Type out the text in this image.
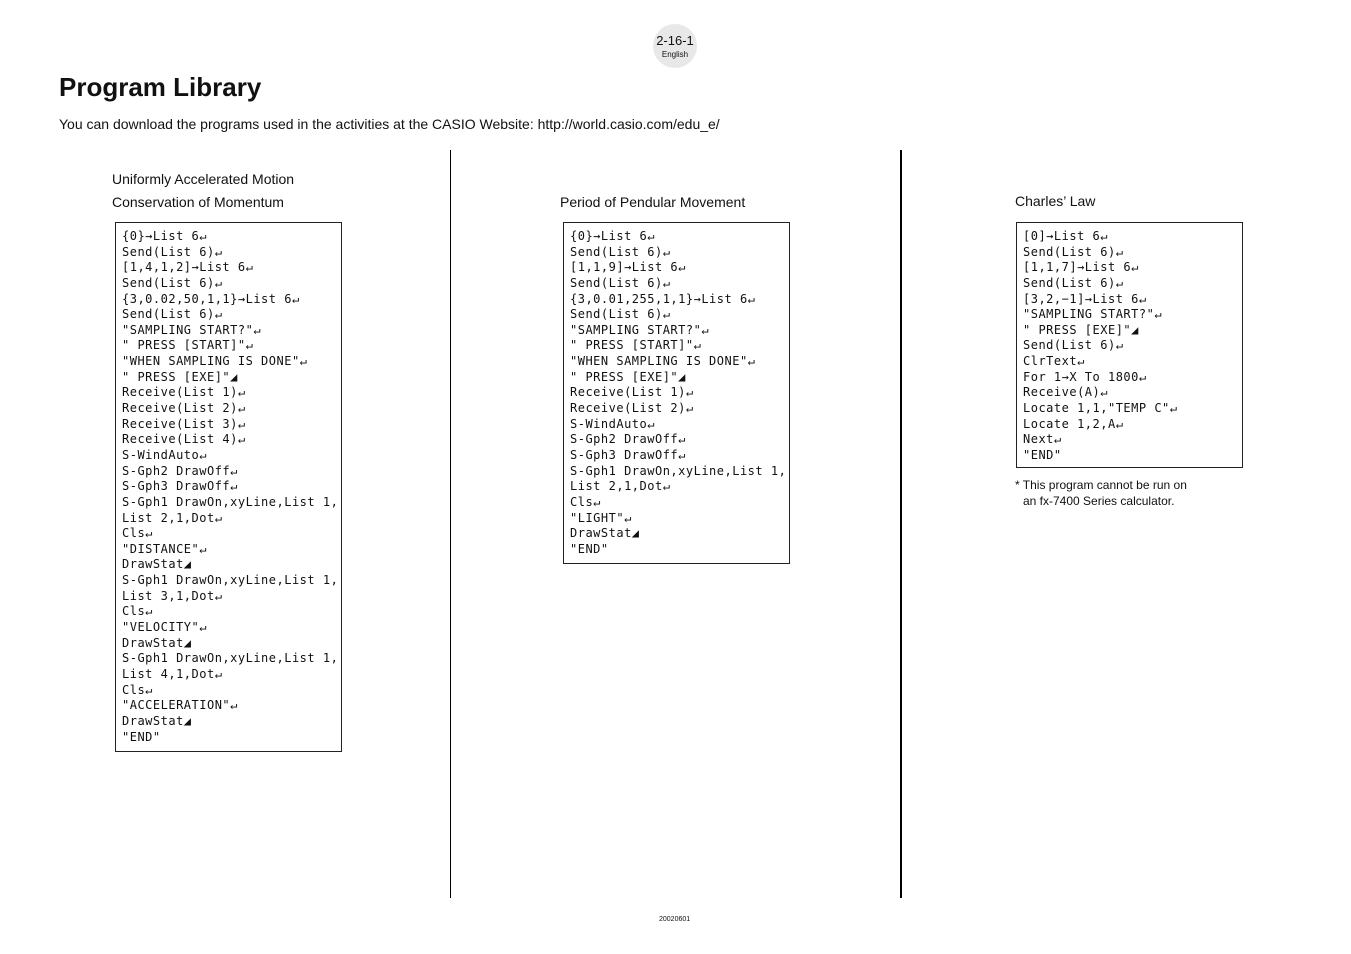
2-16-1
English
Program Library
You can download the programs used in the activities at the CASIO Website: http://world.casio.com/edu_e/
Uniformly Accelerated Motion
Conservation of Momentum
{0}→List 6↵
Send(List 6)↵
[1,4,1,2]→List 6↵
Send(List 6)↵
{3,0.02,50,1,1}→List 6↵
Send(List 6)↵
"SAMPLING START?"↵
" PRESS [START]"↵
"WHEN SAMPLING IS DONE"↵
" PRESS [EXE]"◢
Receive(List 1)↵
Receive(List 2)↵
Receive(List 3)↵
Receive(List 4)↵
S-WindAuto↵
S-Gph2 DrawOff↵
S-Gph3 DrawOff↵
S-Gph1 DrawOn,xyLine,List 1,
List 2,1,Dot↵
Cls↵
"DISTANCE"↵
DrawStat◢
S-Gph1 DrawOn,xyLine,List 1,
List 3,1,Dot↵
Cls↵
"VELOCITY"↵
DrawStat◢
S-Gph1 DrawOn,xyLine,List 1,
List 4,1,Dot↵
Cls↵
"ACCELERATION"↵
DrawStat◢
"END"
Period of Pendular Movement
{0}→List 6↵
Send(List 6)↵
[1,1,9]→List 6↵
Send(List 6)↵
{3,0.01,255,1,1}→List 6↵
Send(List 6)↵
"SAMPLING START?"↵
" PRESS [START]"↵
"WHEN SAMPLING IS DONE"↵
" PRESS [EXE]"◢
Receive(List 1)↵
Receive(List 2)↵
S-WindAuto↵
S-Gph2 DrawOff↵
S-Gph3 DrawOff↵
S-Gph1 DrawOn,xyLine,List 1,
List 2,1,Dot↵
Cls↵
"LIGHT"↵
DrawStat◢
"END"
Charles’ Law
[0]→List 6↵
Send(List 6)↵
[1,1,7]→List 6↵
Send(List 6)↵
[3,2,−1]→List 6↵
"SAMPLING START?"↵
" PRESS [EXE]"◢
Send(List 6)↵
ClrText↵
For 1→X To 1800↵
Receive(A)↵
Locate 1,1,"TEMP C"↵
Locate 1,2,A↵
Next↵
"END"
* This program cannot be run on
an fx-7400 Series calculator.
20020601
